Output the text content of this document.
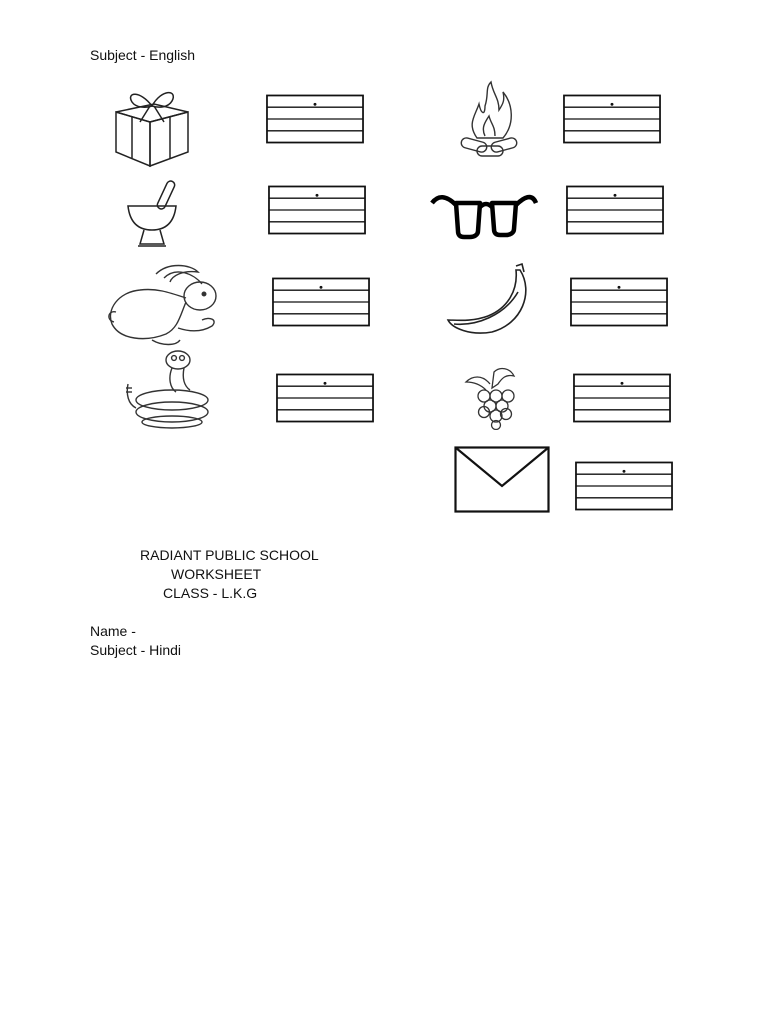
Subject - English
RADIANT PUBLIC SCHOOL
WORKSHEET
CLASS - L.K.G
Name -
Subject - Hindi
